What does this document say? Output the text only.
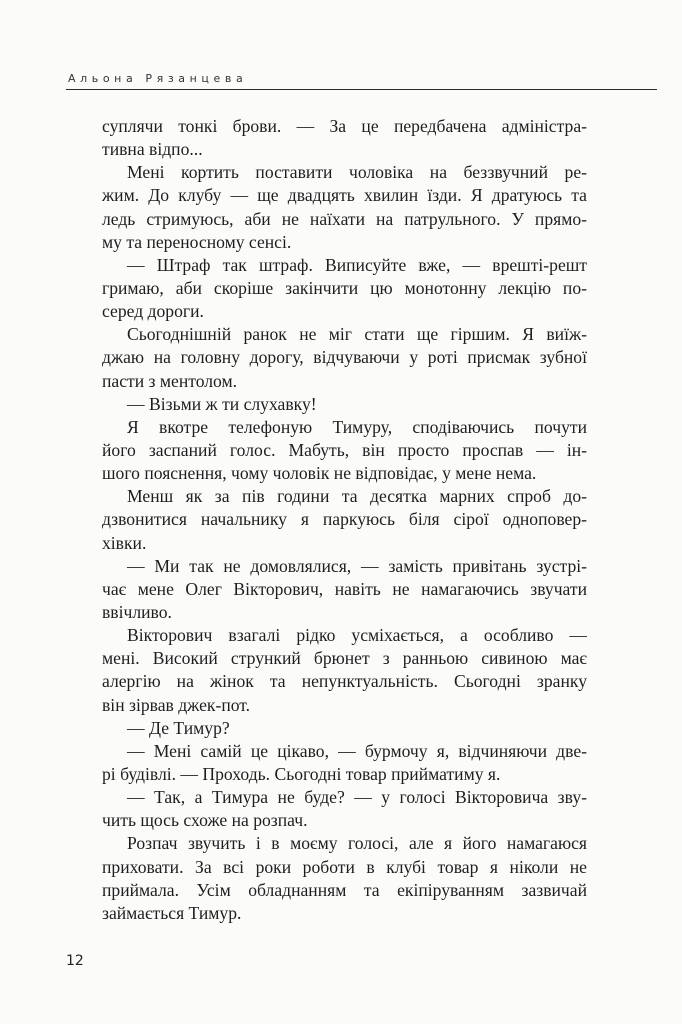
Альона Рязанцева
суплячи тонкі брови. — За це передбачена адміністра-
тивна відпо...
Мені кортить поставити чоловіка на беззвучний ре-
жим. До клубу — ще двадцять хвилин їзди. Я дратуюсь та
ледь стримуюсь, аби не наїхати на патрульного. У прямо-
му та переносному сенсі.
— Штраф так штраф. Виписуйте вже, — врешті-решт
гримаю, аби скоріше закінчити цю монотонну лекцію по-
серед дороги.
Сьогоднішній ранок не міг стати ще гіршим. Я виїж-
джаю на головну дорогу, відчуваючи у роті присмак зубної
пасти з ментолом.
— Візьми ж ти слухавку!
Я вкотре телефоную Тимуру, сподіваючись почути
його заспаний голос. Мабуть, він просто проспав — ін-
шого пояснення, чому чоловік не відповідає, у мене нема.
Менш як за пів години та десятка марних спроб до-
дзвонитися начальнику я паркуюсь біля сірої одноповер-
хівки.
— Ми так не домовлялися, — замість привітань зустрі-
чає мене Олег Вікторович, навіть не намагаючись звучати
ввічливо.
Вікторович взагалі рідко усміхається, а особливо —
мені. Високий стрункий брюнет з ранньою сивиною має
алергію на жінок та непунктуальність. Сьогодні зранку
він зірвав джек-пот.
— Де Тимур?
— Мені самій це цікаво, — бурмочу я, відчиняючи две-
рі будівлі. — Проходь. Сьогодні товар прийматиму я.
— Так, а Тимура не буде? — у голосі Вікторовича зву-
чить щось схоже на розпач.
Розпач звучить і в моєму голосі, але я його намагаюся
приховати. За всі роки роботи в клубі товар я ніколи не
приймала. Усім обладнанням та екіпіруванням зазвичай
займається Тимур.
12
